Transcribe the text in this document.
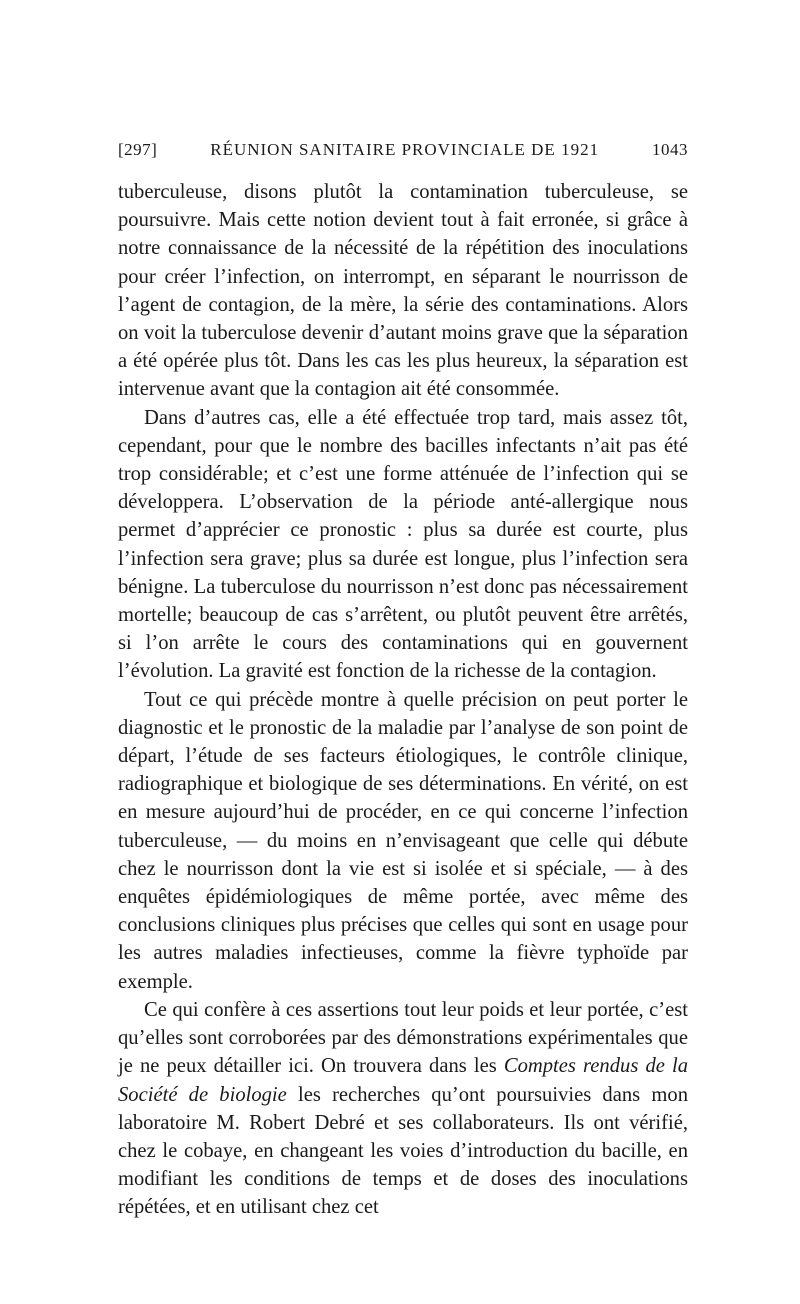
[297]	RÉUNION SANITAIRE PROVINCIALE DE 1921	1043

tuberculeuse, disons plutôt la contamination tuberculeuse, se poursuivre. Mais cette notion devient tout à fait erronée, si grâce à notre connaissance de la nécessité de la répétition des inoculations pour créer l’infection, on interrompt, en séparant le nourrisson de l’agent de contagion, de la mère, la série des contaminations. Alors on voit la tuberculose devenir d’autant moins grave que la séparation a été opérée plus tôt. Dans les cas les plus heureux, la séparation est intervenue avant que la contagion ait été consommée.

Dans d’autres cas, elle a été effectuée trop tard, mais assez tôt, cependant, pour que le nombre des bacilles infectants n’ait pas été trop considérable; et c’est une forme atténuée de l’infection qui se développera. L’observation de la période anté-allergique nous permet d’apprécier ce pronostic : plus sa durée est courte, plus l’infection sera grave; plus sa durée est longue, plus l’infection sera bénigne. La tuberculose du nourrisson n’est donc pas nécessairement mortelle; beaucoup de cas s’arrêtent, ou plutôt peuvent être arrêtés, si l’on arrête le cours des contaminations qui en gouvernent l’évolution. La gravité est fonction de la richesse de la contagion.

Tout ce qui précède montre à quelle précision on peut porter le diagnostic et le pronostic de la maladie par l’analyse de son point de départ, l’étude de ses facteurs étiologiques, le contrôle clinique, radiographique et biologique de ses déterminations. En vérité, on est en mesure aujourd’hui de procéder, en ce qui concerne l’infection tuberculeuse, — du moins en n’envisageant que celle qui débute chez le nourrisson dont la vie est si isolée et si spéciale, — à des enquêtes épidémiologiques de même portée, avec même des conclusions cliniques plus précises que celles qui sont en usage pour les autres maladies infectieuses, comme la fièvre typhoïde par exemple.

Ce qui confère à ces assertions tout leur poids et leur portée, c’est qu’elles sont corroborées par des démonstrations expérimentales que je ne peux détailler ici. On trouvera dans les Comptes rendus de la Société de biologie les recherches qu’ont poursuivies dans mon laboratoire M. Robert Debré et ses collaborateurs. Ils ont vérifié, chez le cobaye, en changeant les voies d’introduction du bacille, en modifiant les conditions de temps et de doses des inoculations répétées, et en utilisant chez cet
